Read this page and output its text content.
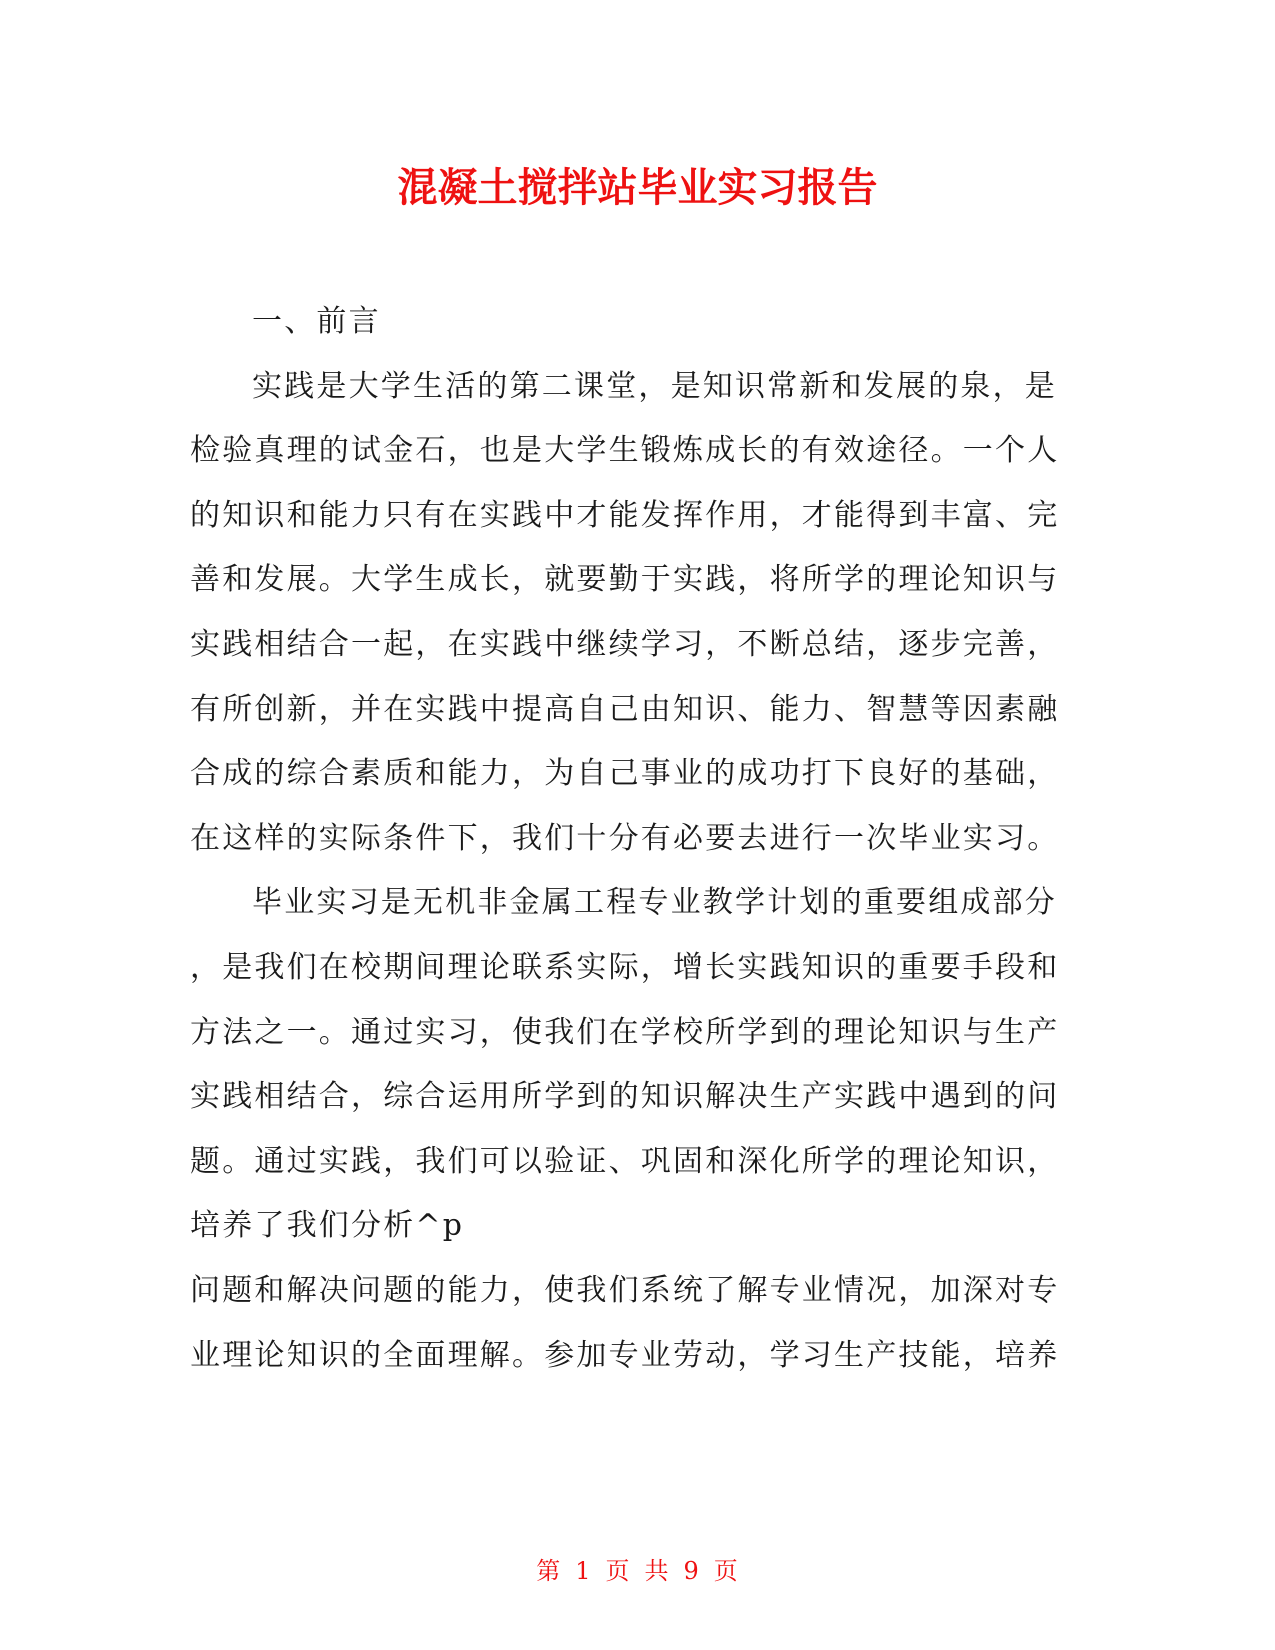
混凝土搅拌站毕业实习报告
一、前言
实践是大学生活的第二课堂，是知识常新和发展的泉，是
检验真理的试金石，也是大学生锻炼成长的有效途径。一个人
的知识和能力只有在实践中才能发挥作用，才能得到丰富、完
善和发展。大学生成长，就要勤于实践，将所学的理论知识与
实践相结合一起，在实践中继续学习，不断总结，逐步完善，
有所创新，并在实践中提高自己由知识、能力、智慧等因素融
合成的综合素质和能力，为自己事业的成功打下良好的基础，
在这样的实际条件下，我们十分有必要去进行一次毕业实习。
毕业实习是无机非金属工程专业教学计划的重要组成部分
，是我们在校期间理论联系实际，增长实践知识的重要手段和
方法之一。通过实习，使我们在学校所学到的理论知识与生产
实践相结合，综合运用所学到的知识解决生产实践中遇到的问
题。通过实践，我们可以验证、巩固和深化所学的理论知识，
培养了我们分析^p
问题和解决问题的能力，使我们系统了解专业情况，加深对专
业理论知识的全面理解。参加专业劳动，学习生产技能，培养
第 1 页 共 9 页
